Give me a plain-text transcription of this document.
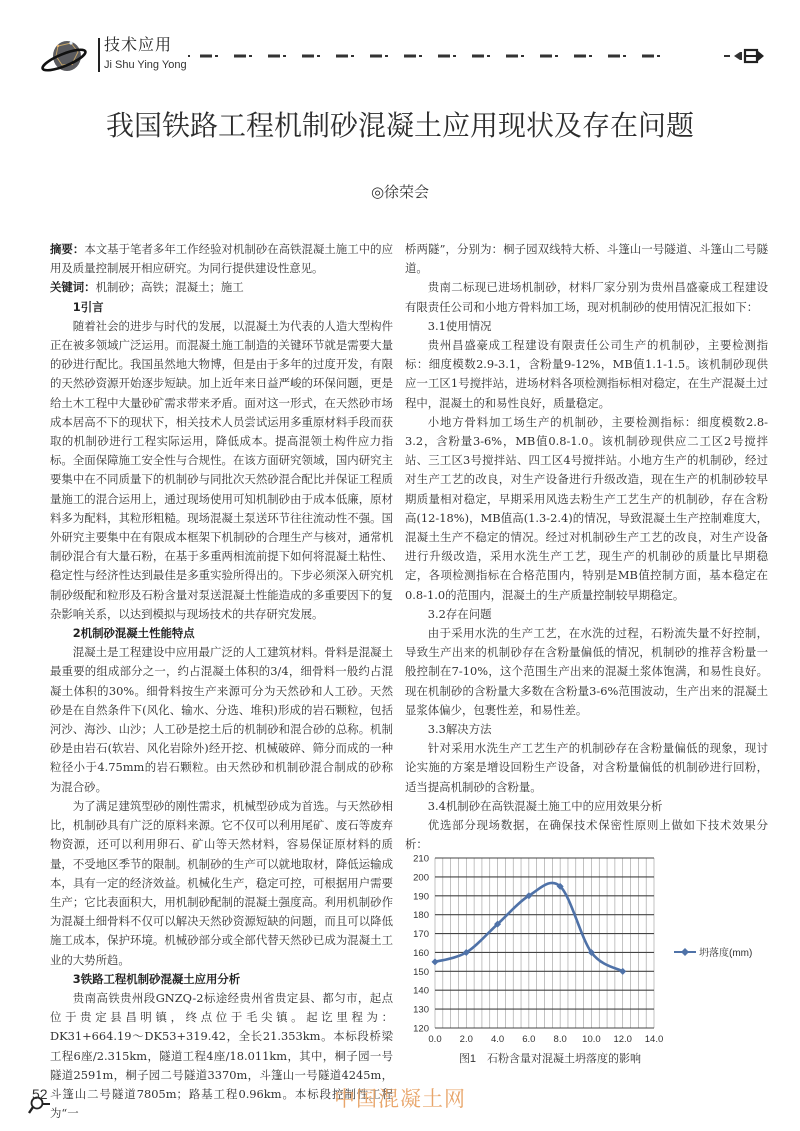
技术应用
Ji Shu Ying Yong
我国铁路工程机制砂混凝土应用现状及存在问题
◎徐荣会

摘要：本文基于笔者多年工作经验对机制砂在高铁混凝土施工中的应用及质量控制展开相应研究。为同行提供建设性意见。

关键词：机制砂；高铁；混凝土；施工

1引言

随着社会的进步与时代的发展，以混凝土为代表的人造大型构件正在被多领域广泛运用。而混凝土施工制造的关键环节就是需要大量的砂进行配比。我国虽然地大物博，但是由于多年的过度开发，有限的天然砂资源开始逐步短缺。加上近年来日益严峻的环保问题，更是给土木工程中大量砂矿需求带来矛盾。面对这一形式，在天然砂市场成本居高不下的现状下，相关技术人员尝试运用多重原材料手段而获取的机制砂进行工程实际运用，降低成本。提高混领土构件应力指标。全面保障施工安全性与合规性。在该方面研究领域，国内研究主要集中在不同质量下的机制砂与同批次天然砂混合配比并保证工程质量施工的混合运用上，通过现场使用可知机制砂由于成本低廉，原材料多为配料，其粒形粗糙。现场混凝土泵送环节往往流动性不强。国外研究主要集中在有限成本框架下机制砂的合理生产与核对，通常机制砂混合有大量石粉，在基于多重两相流前提下如何将混凝土粘性、稳定性与经济性达到最佳是多重实验所得出的。下步必须深入研究机制砂级配和粒形及石粉含量对泵送混凝土性能造成的多重要因下的复杂影响关系，以达到模拟与现场技术的共存研究发展。

2机制砂混凝土性能特点

混凝土是工程建设中应用最广泛的人工建筑材料。骨料是混凝土最重要的组成部分之一，约占混凝土体积的3/4，细骨料一般约占混凝土体积的30%。细骨料按生产来源可分为天然砂和人工砂。天然砂是在自然条件下(风化、输水、分选、堆积)形成的岩石颗粒，包括河沙、海沙、山沙；人工砂是挖土后的机制砂和混合砂的总称。机制砂是由岩石(软岩、风化岩除外)经开挖、机械破碎、筛分而成的一种粒径小于4.75mm的岩石颗粒。由天然砂和机制砂混合制成的砂称为混合砂。

为了满足建筑型砂的刚性需求，机械型砂成为首选。与天然砂相比，机制砂具有广泛的原料来源。它不仅可以利用尾矿、废石等废弃物资源，还可以利用卵石、矿山等天然材料，容易保证原材料的质量，不受地区季节的限制。机制砂的生产可以就地取材，降低运输成本，具有一定的经济效益。机械化生产，稳定可控，可根据用户需要生产；它比表面积大，用机制砂配制的混凝土强度高。利用机制砂作为混凝土细骨料不仅可以解决天然砂资源短缺的问题，而且可以降低施工成本，保护环境。机械砂部分或全部代替天然砂已成为混凝土工业的大势所趋。

3铁路工程机制砂混凝土应用分析

贵南高铁贵州段GNZQ-2标途经贵州省贵定县、都匀市，起点位于贵定县昌明镇，终点位于毛尖镇。起讫里程为：DK31+664.19～DK53+319.42，全长21.353km。本标段桥梁工程6座/2.315km，隧道工程4座/18.011km，其中，桐子园一号隧道2591m，桐子园二号隧道3370m，斗篷山一号隧道4245m，斗篷山二号隧道7805m；路基工程0.96km。本标段控制性工程为“一

桥两隧”，分别为：桐子园双线特大桥、斗篷山一号隧道、斗篷山二号隧道。

贵南二标现已进场机制砂，材料厂家分别为贵州昌盛豪成工程建设有限责任公司和小地方骨料加工场，现对机制砂的使用情况汇报如下：

3.1使用情况

贵州昌盛豪成工程建设有限责任公司生产的机制砂，主要检测指标：细度模数2.9-3.1，含粉量9-12%，MB值1.1-1.5。该机制砂现供应一工区1号搅拌站，进场材料各项检测指标相对稳定，在生产混凝土过程中，混凝土的和易性良好，质量稳定。

小地方骨料加工场生产的机制砂，主要检测指标：细度模数2.8-3.2，含粉量3-6%，MB值0.8-1.0。该机制砂现供应二工区2号搅拌站、三工区3号搅拌站、四工区4号搅拌站。小地方生产的机制砂，经过对生产工艺的改良，对生产设备进行升级改造，现在生产的机制砂较早期质量相对稳定，早期采用风选去粉生产工艺生产的机制砂，存在含粉高(12-18%)，MB值高(1.3-2.4)的情况，导致混凝土生产控制难度大，混凝土生产不稳定的情况。经过对机制砂生产工艺的改良，对生产设备进行升级改造，采用水洗生产工艺，现生产的机制砂的质量比早期稳定，各项检测指标在合格范围内，特别是MB值控制方面，基本稳定在0.8-1.0的范围内，混凝土的生产质量控制较早期稳定。

3.2存在问题

由于采用水洗的生产工艺，在水洗的过程，石粉流失量不好控制，导致生产出来的机制砂存在含粉量偏低的情况，机制砂的推荐含粉量一般控制在7-10%，这个范围生产出来的混凝土浆体饱满，和易性良好。现在机制砂的含粉量大多数在含粉量3-6%范围波动，生产出来的混凝土显浆体偏少，包裹性差，和易性差。

3.3解决方法

针对采用水洗生产工艺生产的机制砂存在含粉量偏低的现象，现讨论实施的方案是增设回粉生产设备，对含粉量偏低的机制砂进行回粉，适当提高机制砂的含粉量。

3.4机制砂在高铁混凝土施工中的应用效果分析

优选部分现场数据，在确保技术保密性原则上做如下技术效果分析：

120
130
140
150
160
170
180
190
200
210
0.0 2.0 4.0 6.0 8.0 10.0 12.0 14.0
坍落度(mm)
图1　石粉含量对混凝土坍落度的影响
52	中国混凝土网
